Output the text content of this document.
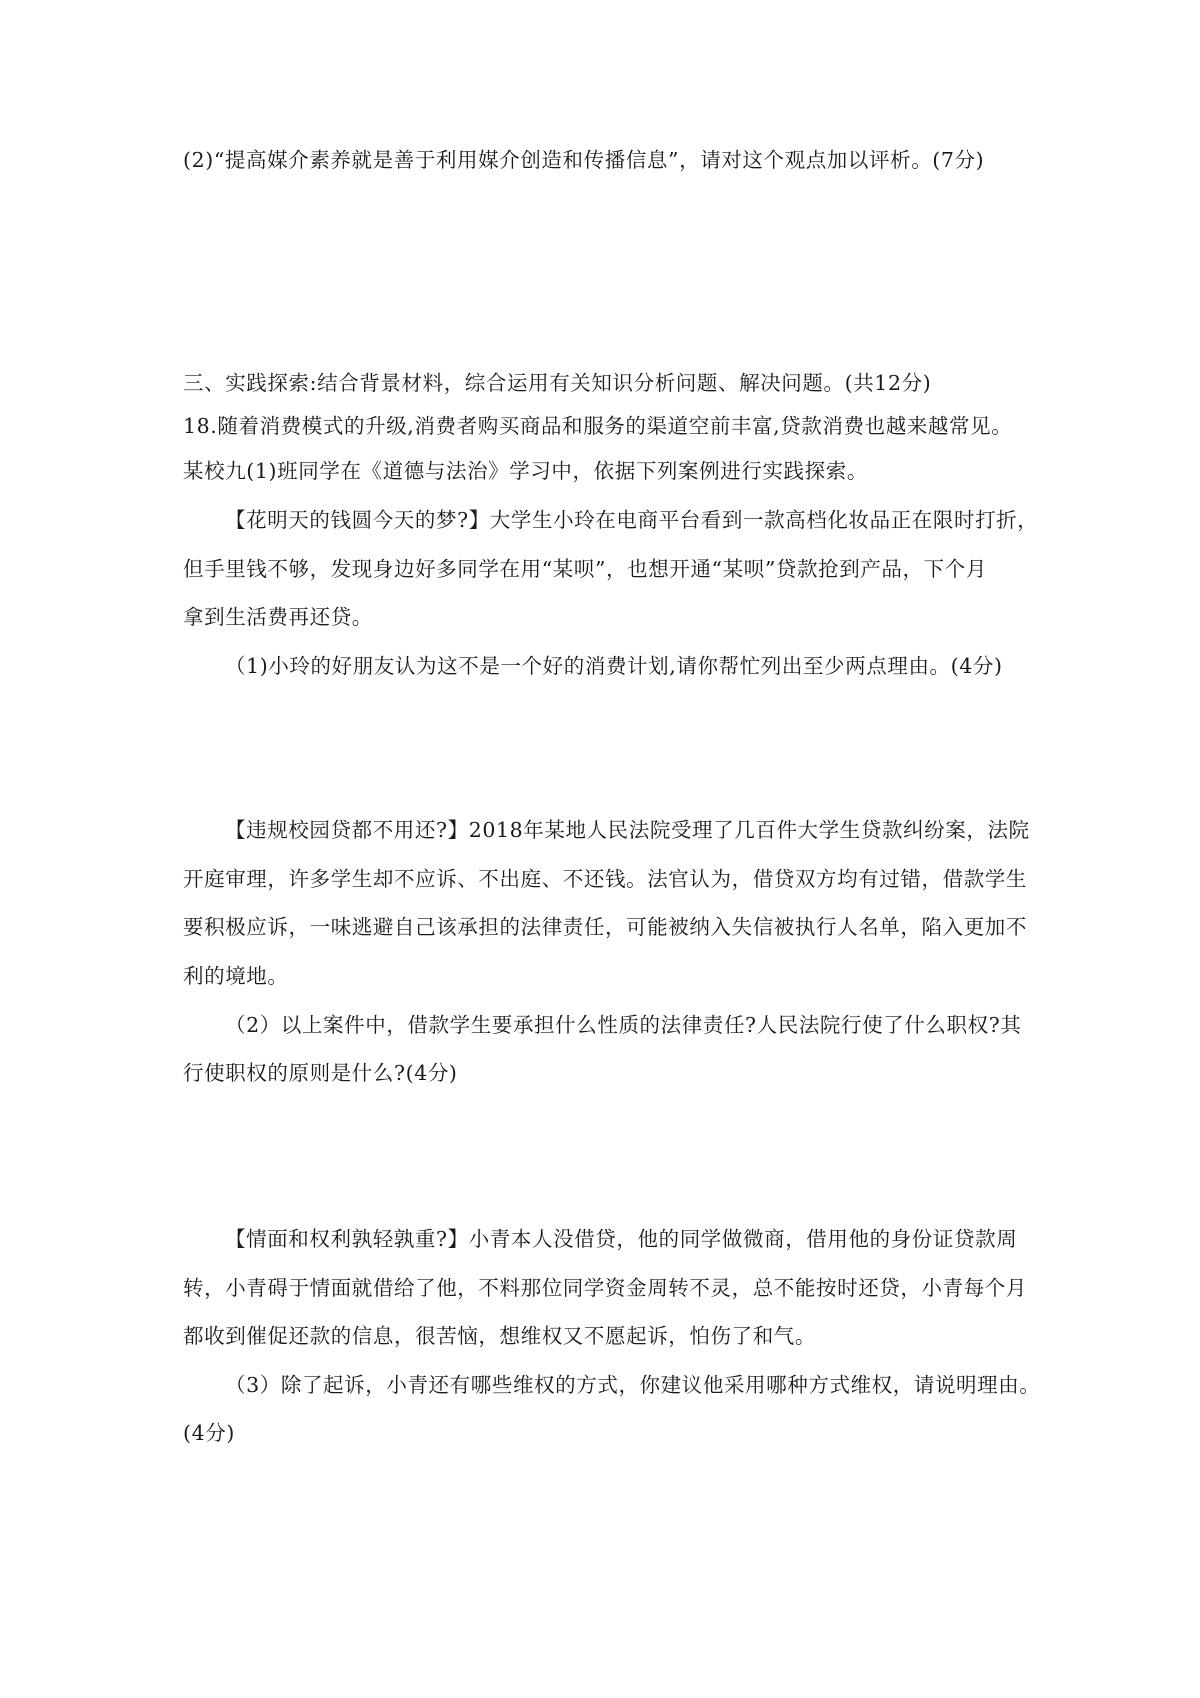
(2)“提高媒介素养就是善于利用媒介创造和传播信息”，请对这个观点加以评析。(7分)

三、实践探索:结合背景材料，综合运用有关知识分析问题、解决问题。(共12分)

18.随着消费模式的升级,消费者购买商品和服务的渠道空前丰富,贷款消费也越来越常见。

某校九(1)班同学在《道德与法治》学习中，依据下列案例进行实践探索。

【花明天的钱圆今天的梦?】大学生小玲在电商平台看到一款高档化妆品正在限时打折，

但手里钱不够，发现身边好多同学在用“某呗”，也想开通“某呗”贷款抢到产品，下个月

拿到生活费再还贷。

（1)小玲的好朋友认为这不是一个好的消费计划,请你帮忙列出至少两点理由。(4分)

【违规校园贷都不用还?】2018年某地人民法院受理了几百件大学生贷款纠纷案，法院

开庭审理，许多学生却不应诉、不出庭、不还钱。法官认为，借贷双方均有过错，借款学生

要积极应诉，一味逃避自己该承担的法律责任，可能被纳入失信被执行人名单，陷入更加不

利的境地。

（2）以上案件中，借款学生要承担什么性质的法律责任?人民法院行使了什么职权?其

行使职权的原则是什么?(4分)

【情面和权利孰轻孰重?】小青本人没借贷，他的同学做微商，借用他的身份证贷款周

转，小青碍于情面就借给了他，不料那位同学资金周转不灵，总不能按时还贷，小青每个月

都收到催促还款的信息，很苦恼，想维权又不愿起诉，怕伤了和气。

（3）除了起诉，小青还有哪些维权的方式，你建议他采用哪种方式维权，请说明理由。

(4分)
